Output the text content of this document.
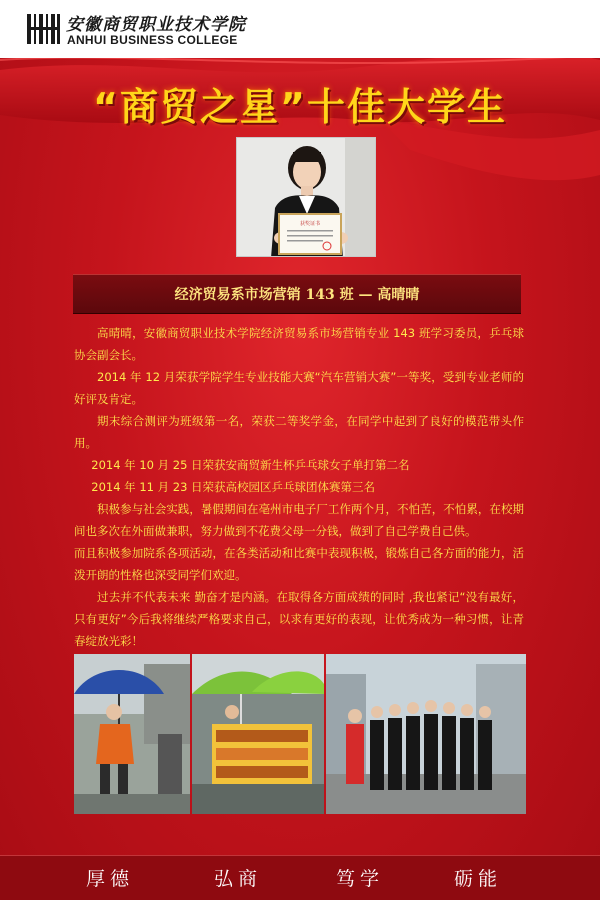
安徽商贸职业技术学院
ANHUI BUSINESS COLLEGE
“商贸之星”十佳大学生
获奖证书
经济贸易系市场营销 143 班 — 高晴晴

高晴晴，安徽商贸职业技术学院经济贸易系市场营销专业 143 班学习委员，乒乓球协会副会长。

2014 年 12 月荣获学院学生专业技能大赛“汽车营销大赛”一等奖，受到专业老师的好评及肯定。

期末综合测评为班级第一名，荣获二等奖学金，在同学中起到了良好的模范带头作用。

2014 年 10 月 25 日荣获安商贸新生杯乒乓球女子单打第二名

2014 年 11 月 23 日荣获高校园区乒乓球团体赛第三名

积极参与社会实践，暑假期间在亳州市电子厂工作两个月，不怕苦，不怕累，在校期间也多次在外面做兼职，努力做到不花费父母一分钱，做到了自己学费自己供。

而且积极参加院系各项活动，在各类活动和比赛中表现积极，锻炼自己各方面的能力，活泼开朗的性格也深受同学们欢迎。

过去并不代表未来 勤奋才是内涵。在取得各方面成绩的同时 ,我也紧记“没有最好，只有更好”今后我将继续严格要求自己，以求有更好的表现，让优秀成为一种习惯，让青春绽放光彩！

厚德	弘商	笃学	砺能
